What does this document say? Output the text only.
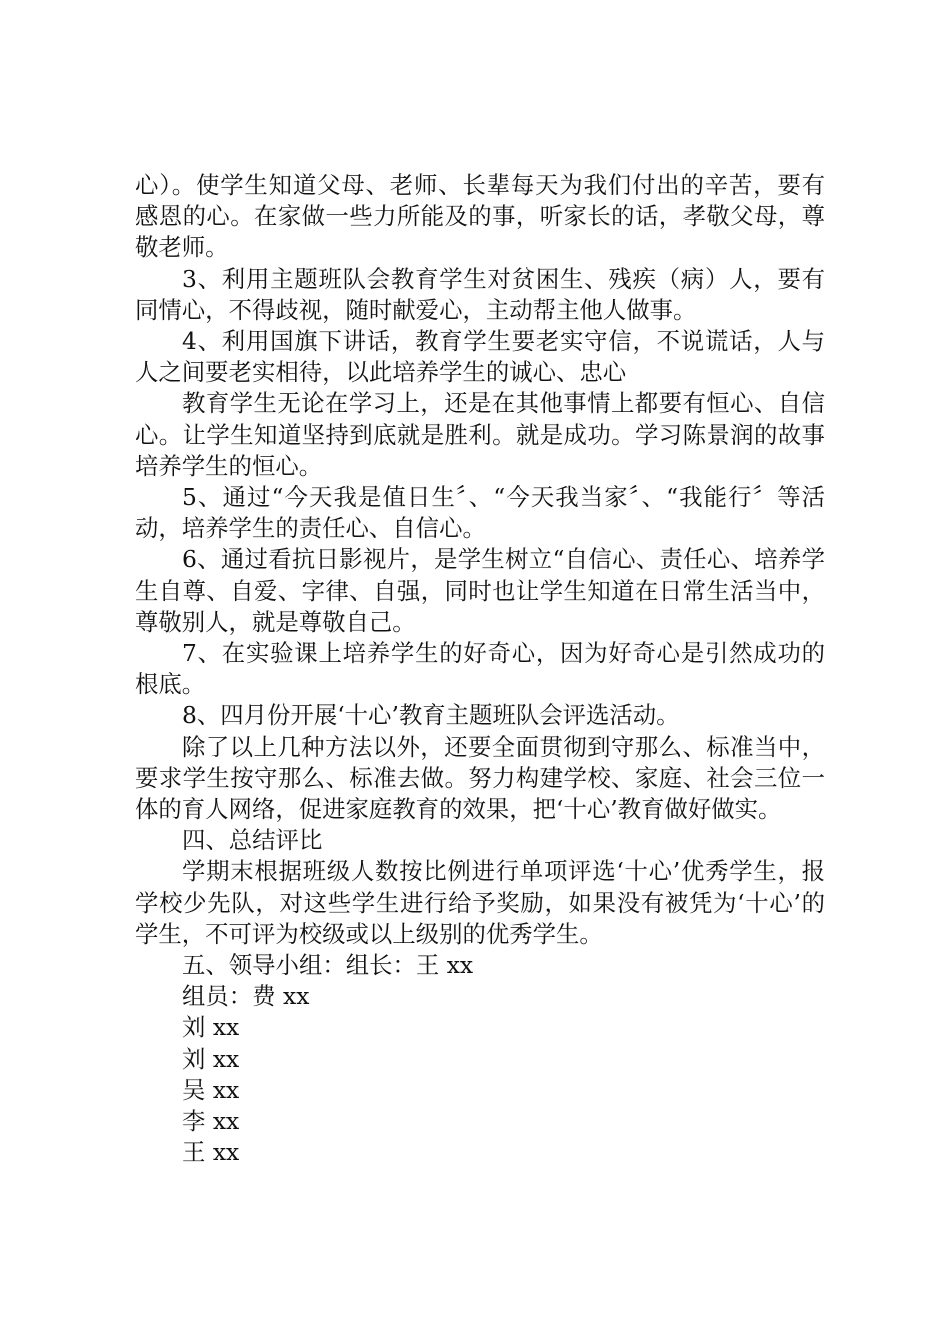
心）。使学生知道父母、老师、长辈每天为我们付出的辛苦，要有感恩的心。在家做一些力所能及的事，听家长的话，孝敬父母，尊敬老师。

3、利用主题班队会教育学生对贫困生、残疾（病）人，要有同情心，不得歧视，随时献爱心，主动帮主他人做事。

4、利用国旗下讲话，教育学生要老实守信，不说谎话，人与人之间要老实相待，以此培养学生的诚心、忠心

教育学生无论在学习上，还是在其他事情上都要有恒心、自信心。让学生知道坚持到底就是胜利。就是成功。学习陈景润的故事培养学生的恒心。

5、通过“今天我是值日生〞、“今天我当家〞、“我能行〞等活动，培养学生的责任心、自信心。

6、通过看抗日影视片，是学生树立“自信心、责任心、培养学生自尊、自爱、字律、自强，同时也让学生知道在日常生活当中，尊敬别人，就是尊敬自己。

7、在实验课上培养学生的好奇心，因为好奇心是引然成功的根底。

8、四月份开展‘十心’教育主题班队会评选活动。

除了以上几种方法以外，还要全面贯彻到守那么、标准当中，要求学生按守那么、标准去做。努力构建学校、家庭、社会三位一体的育人网络，促进家庭教育的效果，把‘十心’教育做好做实。

四、总结评比

学期末根据班级人数按比例进行单项评选‘十心’优秀学生，报学校少先队，对这些学生进行给予奖励，如果没有被凭为‘十心’的学生，不可评为校级或以上级别的优秀学生。

五、领导小组：组长：王 xx

组员：费 xx

刘 xx

刘 xx

吴 xx

李 xx

王 xx
